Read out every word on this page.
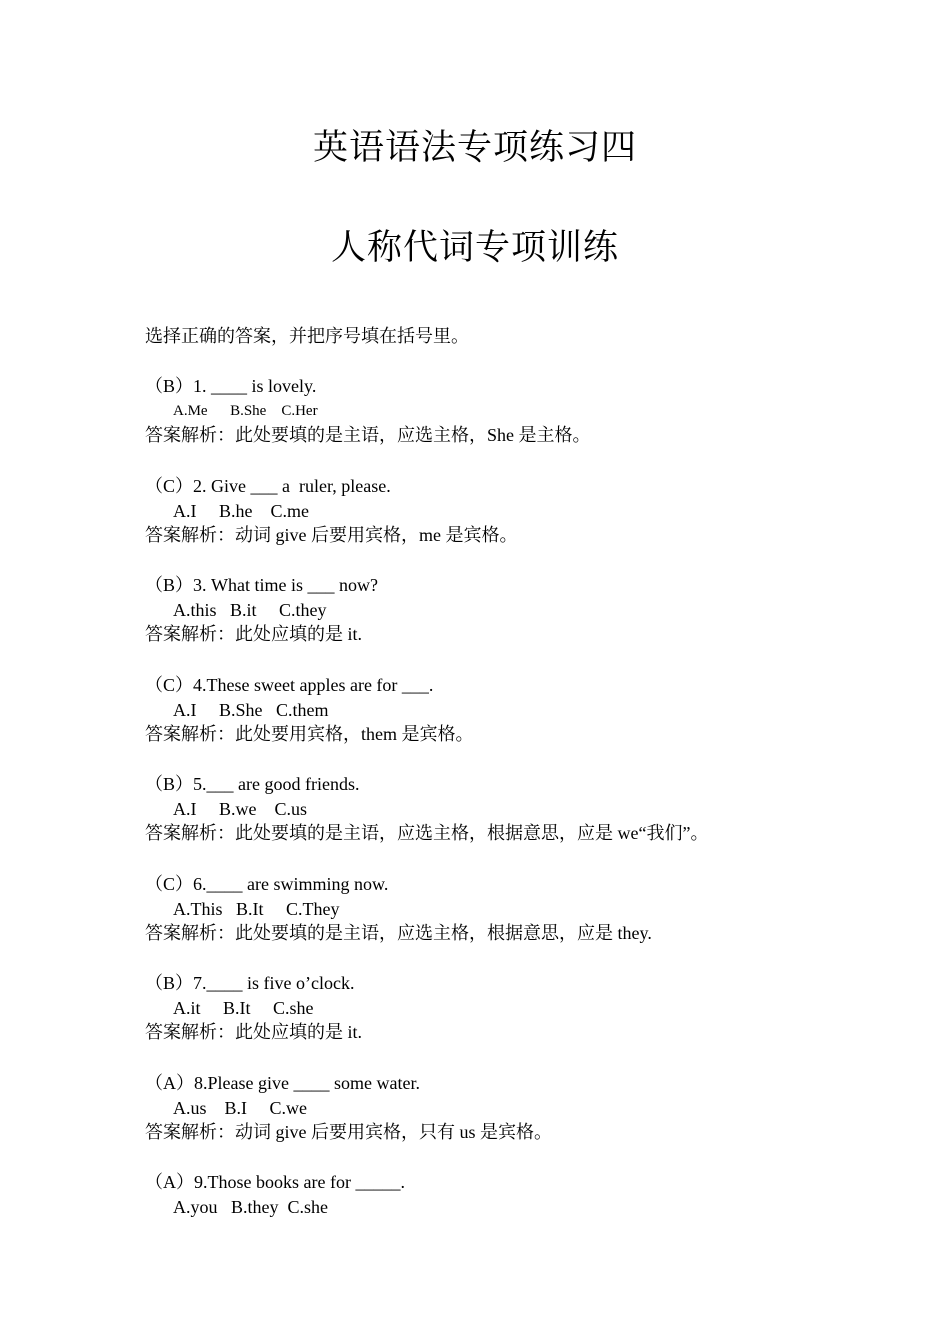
英语语法专项练习四
人称代词专项训练
选择正确的答案，并把序号填在括号里。
（B）1. ____ is lovely.
A.Me      B.She    C.Her
答案解析：此处要填的是主语，应选主格，She 是主格。
（C）2. Give ___ a  ruler, please.
A.I     B.he    C.me
答案解析：动词 give 后要用宾格，me 是宾格。
（B）3. What time is ___ now?
A.this   B.it     C.they
答案解析：此处应填的是 it.
（C）4.These sweet apples are for ___.
A.I     B.She   C.them
答案解析：此处要用宾格，them 是宾格。
（B）5.___ are good friends.
A.I     B.we    C.us
答案解析：此处要填的是主语，应选主格，根据意思，应是 we“我们”。
（C）6.____ are swimming now.
A.This   B.It     C.They
答案解析：此处要填的是主语，应选主格，根据意思，应是 they.
（B）7.____ is five o’clock.
A.it     B.It     C.she
答案解析：此处应填的是 it.
（A）8.Please give ____ some water.
A.us    B.I     C.we
答案解析：动词 give 后要用宾格，只有 us 是宾格。
（A）9.Those books are for _____.
A.you   B.they  C.she
